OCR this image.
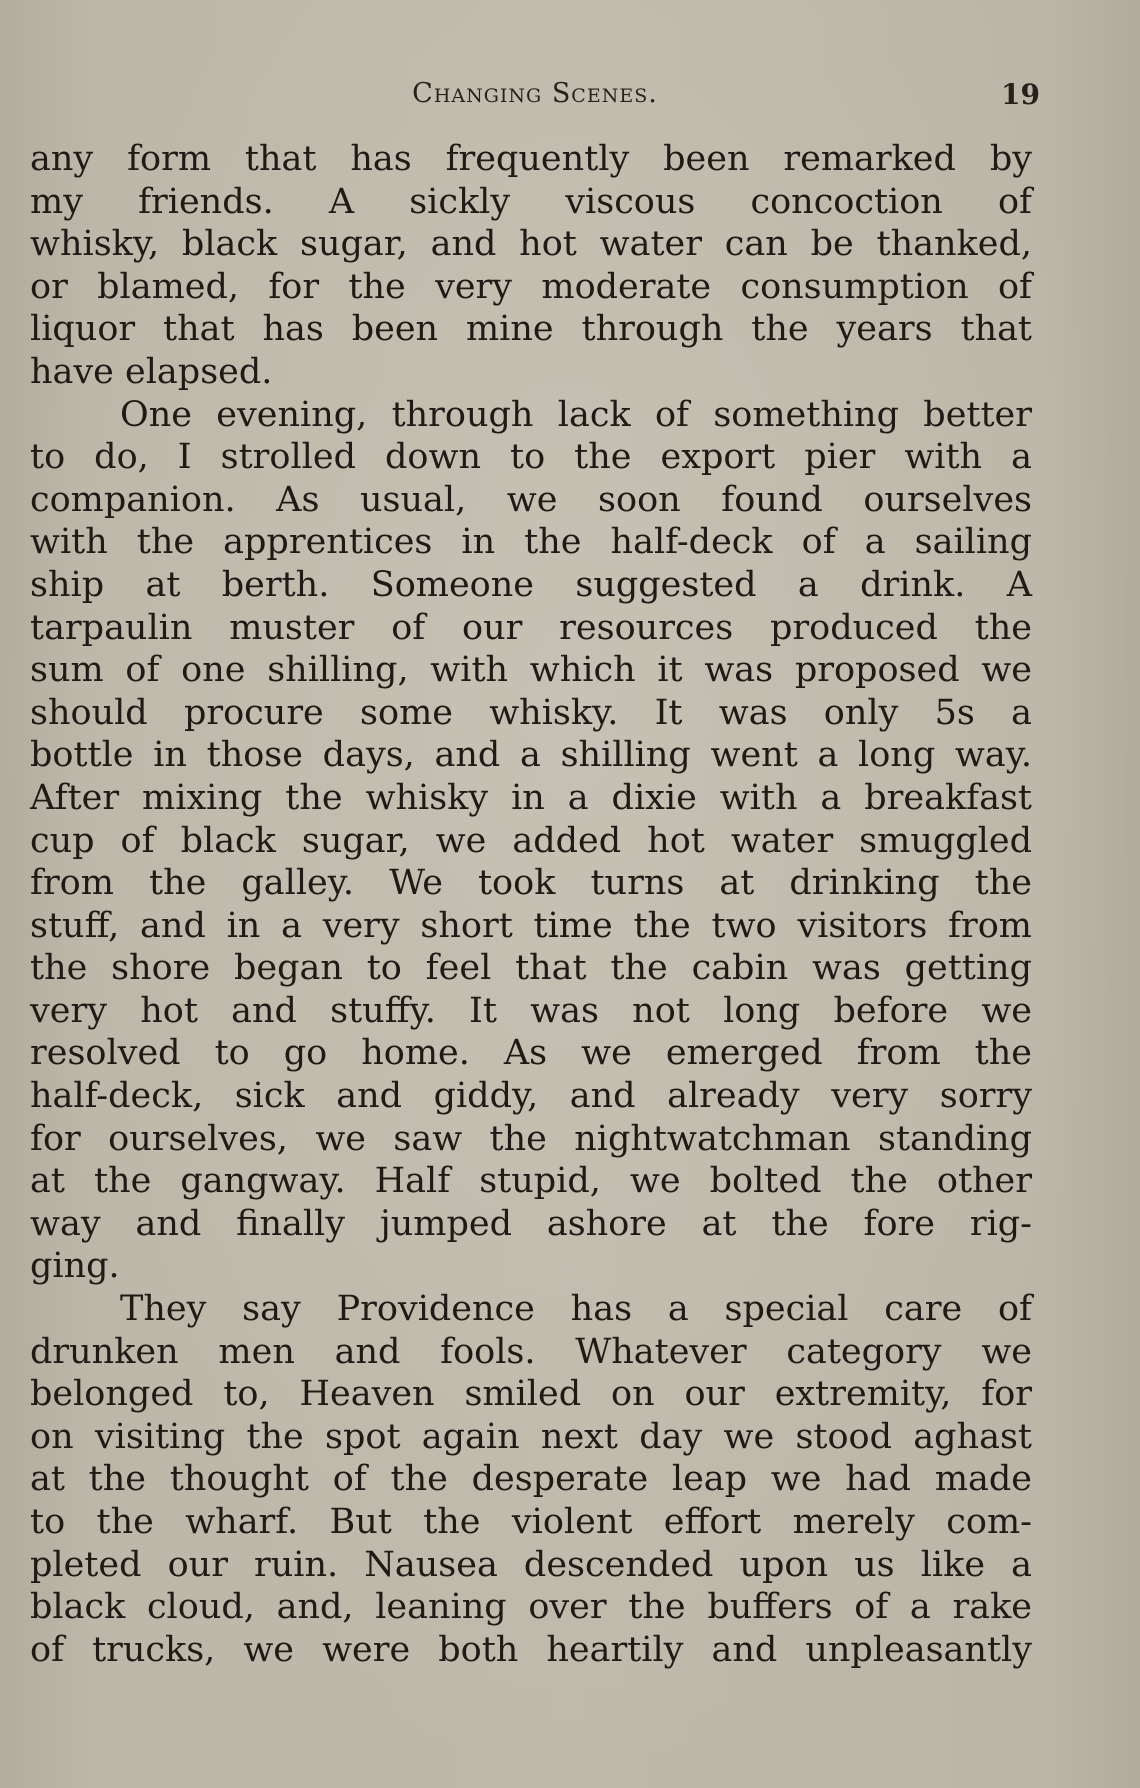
Changing Scenes.	19
any form that has frequently been remarked by
my friends. A sickly viscous concoction of
whisky, black sugar, and hot water can be thanked,
or blamed, for the very moderate consumption of
liquor that has been mine through the years that
have elapsed.
One evening, through lack of something better
to do, I strolled down to the export pier with a
companion. As usual, we soon found ourselves
with the apprentices in the half-deck of a sailing
ship at berth. Someone suggested a drink. A
tarpaulin muster of our resources produced the
sum of one shilling, with which it was proposed we
should procure some whisky. It was only 5s a
bottle in those days, and a shilling went a long way.
After mixing the whisky in a dixie with a breakfast
cup of black sugar, we added hot water smuggled
from the galley. We took turns at drinking the
stuff, and in a very short time the two visitors from
the shore began to feel that the cabin was getting
very hot and stuffy. It was not long before we
resolved to go home. As we emerged from the
half-deck, sick and giddy, and already very sorry
for ourselves, we saw the nightwatchman standing
at the gangway. Half stupid, we bolted the other
way and finally jumped ashore at the fore rig-
ging.
They say Providence has a special care of
drunken men and fools. Whatever category we
belonged to, Heaven smiled on our extremity, for
on visiting the spot again next day we stood aghast
at the thought of the desperate leap we had made
to the wharf. But the violent effort merely com-
pleted our ruin. Nausea descended upon us like a
black cloud, and, leaning over the buffers of a rake
of trucks, we were both heartily and unpleasantly
